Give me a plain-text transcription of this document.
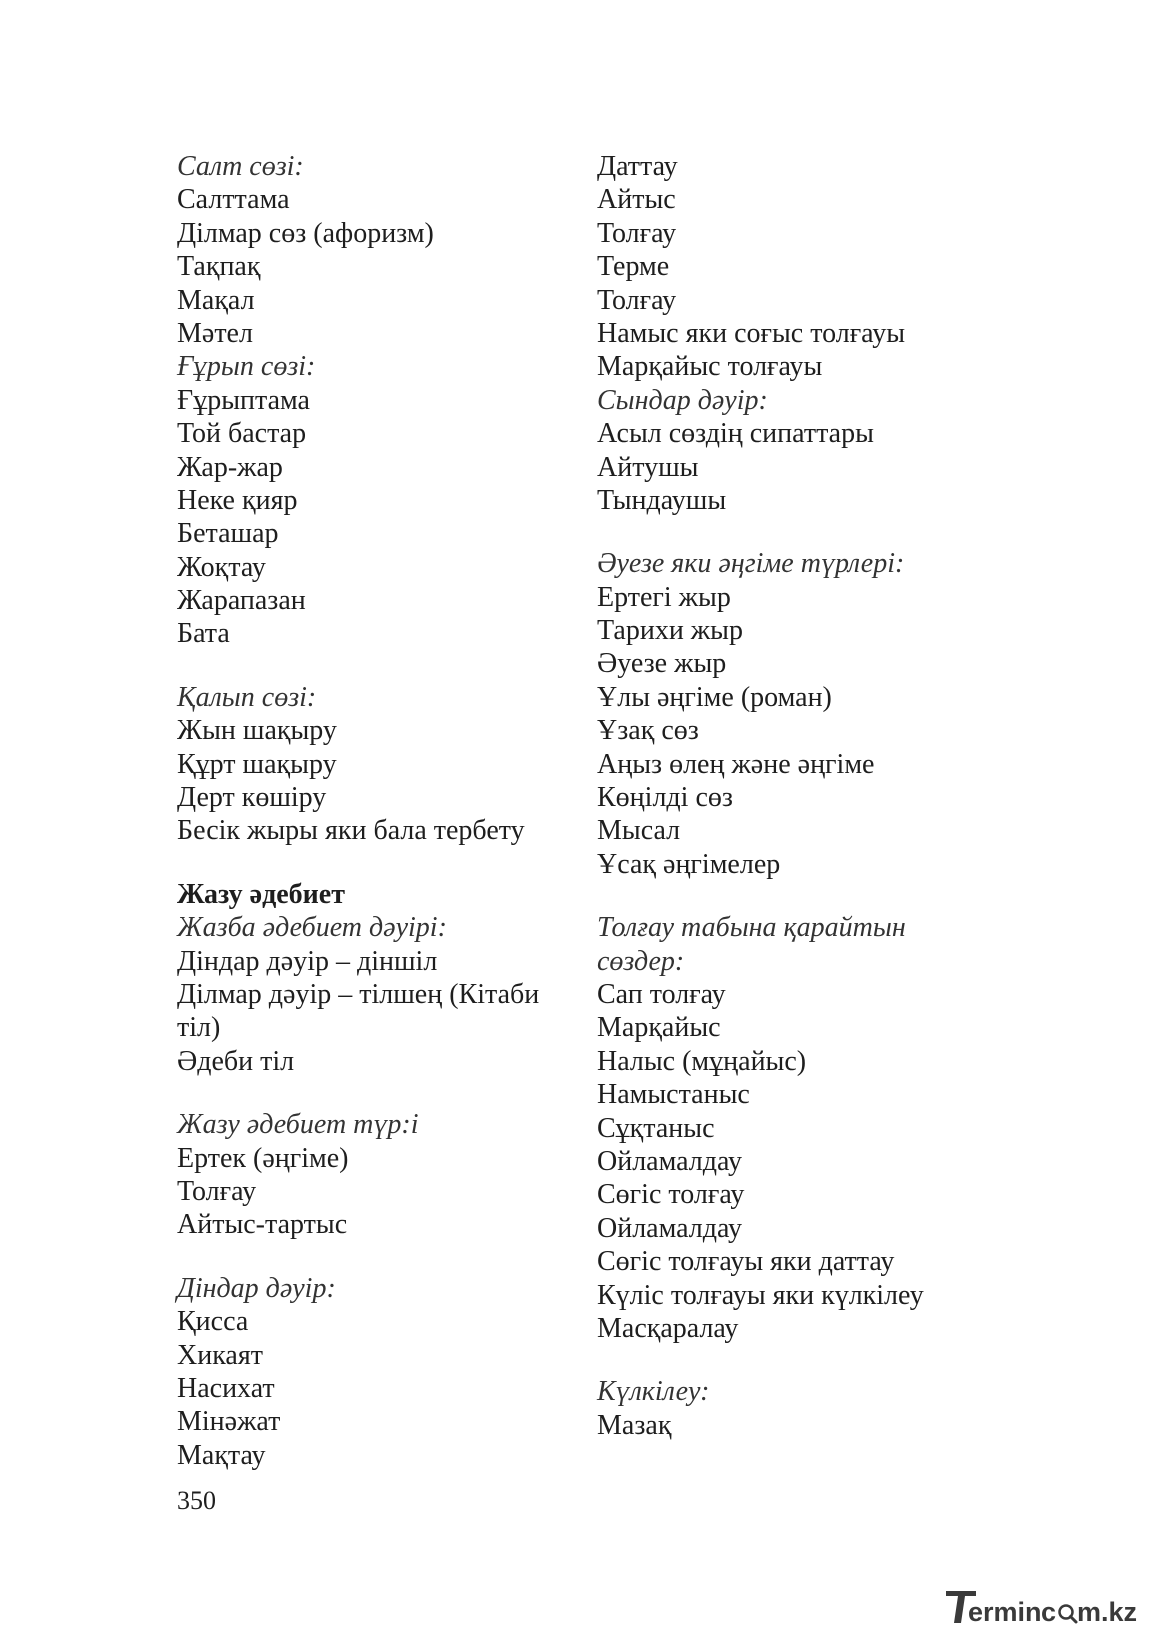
Салт сөзі:
Салттама
Ділмар сөз (афоризм)
Тақпақ
Мақал
Мәтел
Ғұрып сөзі:
Ғұрыптама
Той бастар
Жар-жар
Неке қияр
Беташар
Жоқтау
Жарапазан
Бата
Қалып сөзі:
Жын шақыру
Құрт шақыру
Дерт көшіру
Бесік жыры яки бала тербету
Жазу әдебиет
Жазба әдебиет дәуірі:
Діндар дәуір – діншіл
Ділмар дәуір – тілшең (Кітаби тіл)
Әдеби тіл
Жазу әдебиет түр:і
Ертек (әңгіме)
Толғау
Айтыс-тартыс
Діндар дәуір:
Қисса
Хикаят
Насихат
Мінәжат
Мақтау
Даттау
Айтыс
Толғау
Терме
Толғау
Намыс яки соғыс толғауы
Марқайыс толғауы
Сындар дәуір:
Асыл сөздің сипаттары
Айтушы
Тындаушы
Әуезе яки әңгіме түрлері:
Ертегі жыр
Тарихи жыр
Әуезе жыр
Ұлы әңгіме (роман)
Ұзақ сөз
Аңыз өлең және әңгіме
Көңілді сөз
Мысал
Ұсақ әңгімелер
Толғау табына қарайтын сөздер:
Сап толғау
Марқайыс
Налыс (мұңайыс)
Намыстаныс
Сұқтаныс
Ойламалдау
Сөгіс толғау
Ойламалдау
Сөгіс толғауы яки даттау
Күліс толғауы яки күлкілеу
Масқаралау
Күлкілеу:
Мазақ
350
ermin c m.kz
